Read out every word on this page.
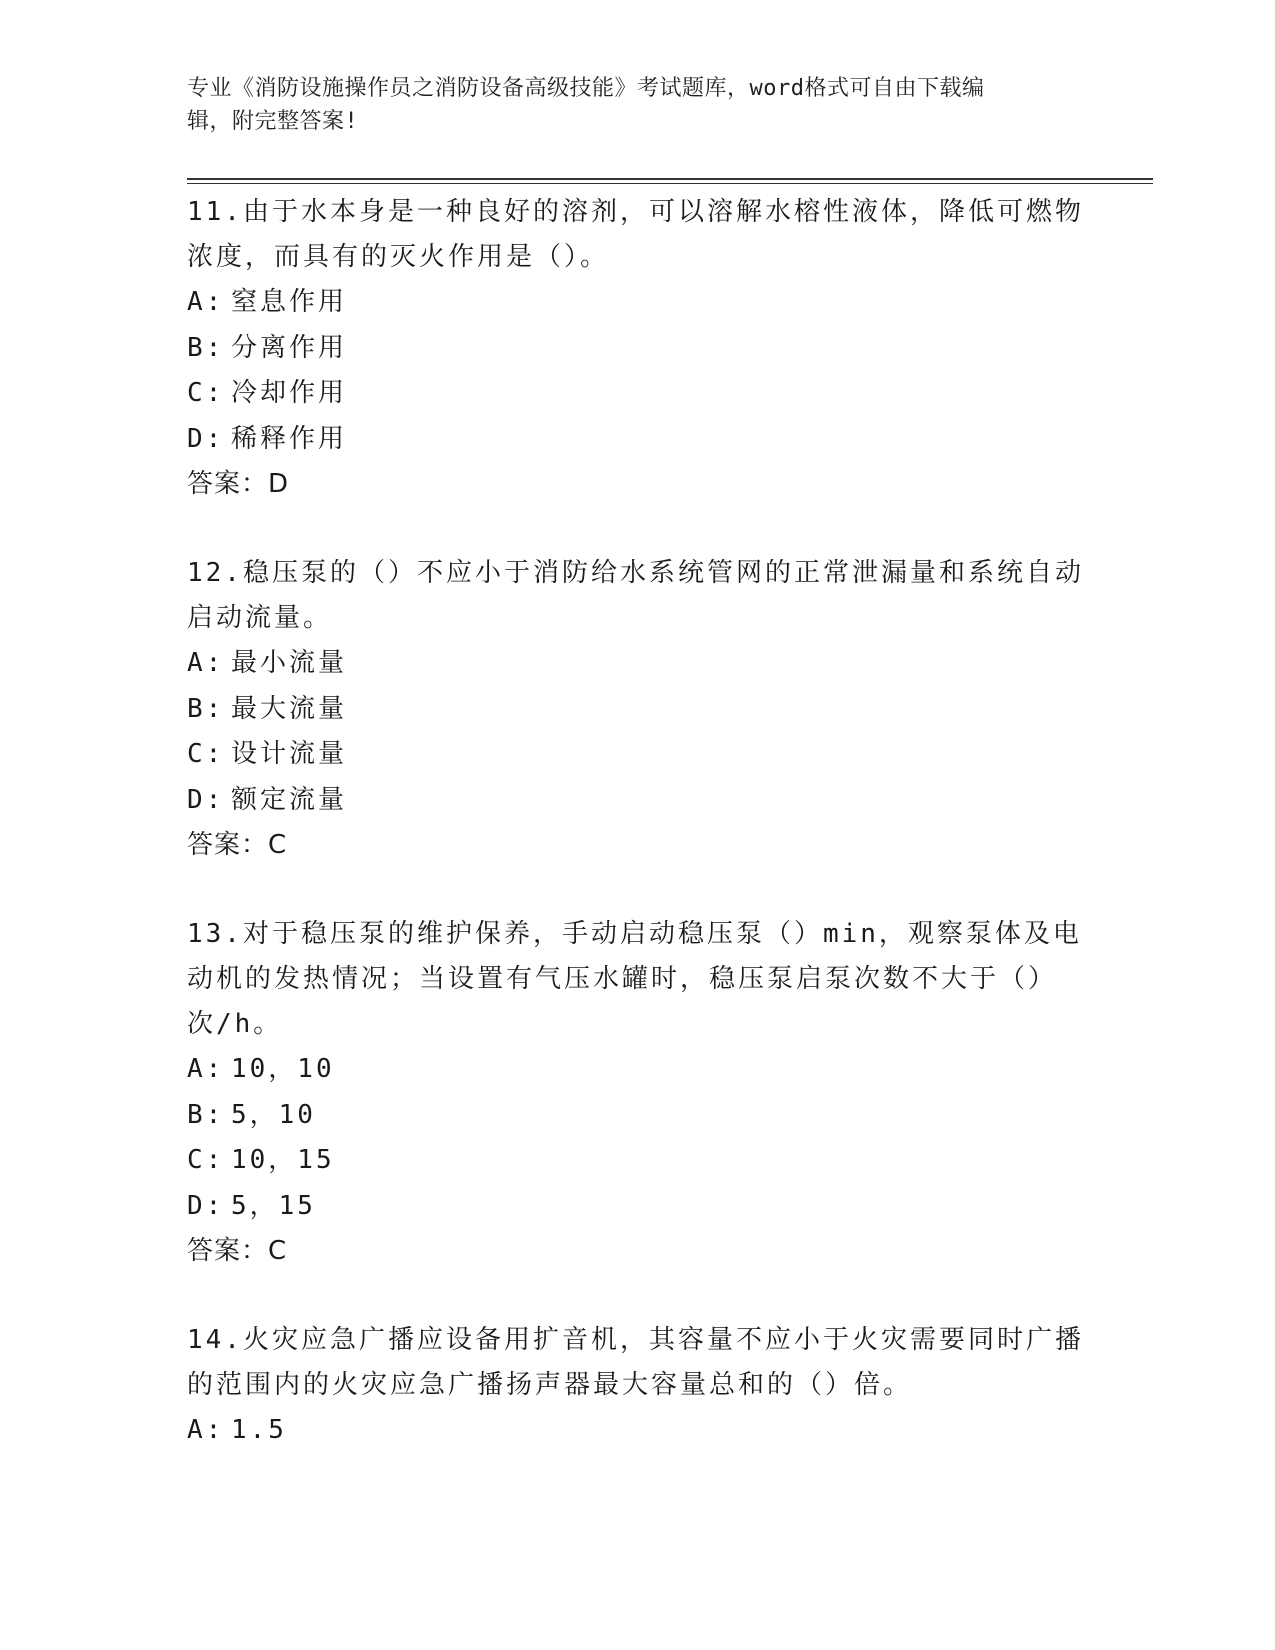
专业《消防设施操作员之消防设备高级技能》考试题库，word格式可自由下载编
辑，附完整答案!
11.由于水本身是一种良好的溶剂，可以溶解水榕性液体，降低可燃物
浓度，而具有的灭火作用是（）。
A: 窒息作用
B: 分离作用
C: 冷却作用
D: 稀释作用
答案：D
12.稳压泵的（）不应小于消防给水系统管网的正常泄漏量和系统自动
启动流量。
A: 最小流量
B: 最大流量
C: 设计流量
D: 额定流量
答案：C
13.对于稳压泵的维护保养，手动启动稳压泵（）min，观察泵体及电
动机的发热情况；当设置有气压水罐时，稳压泵启泵次数不大于（）
次/h。
A: 10，10
B: 5，10
C: 10，15
D: 5，15
答案：C
14.火灾应急广播应设备用扩音机，其容量不应小于火灾需要同时广播
的范围内的火灾应急广播扬声器最大容量总和的（）倍。
A: 1.5
